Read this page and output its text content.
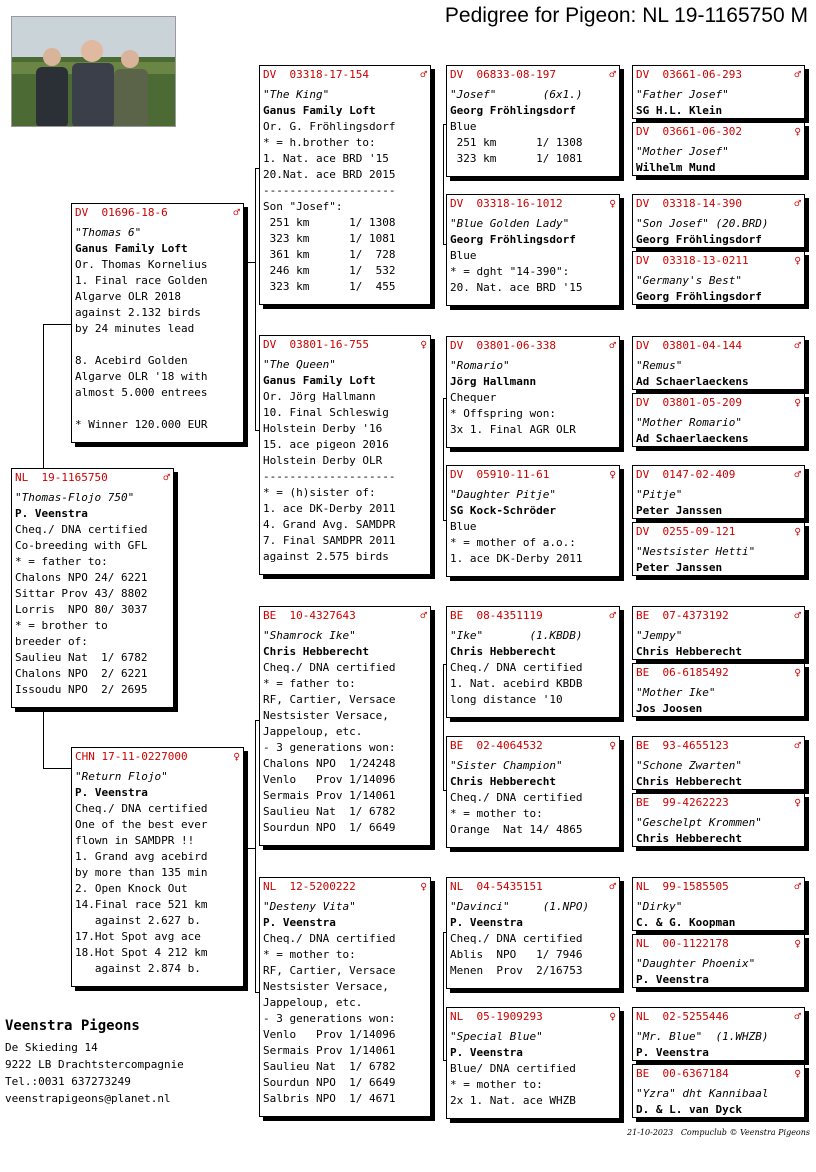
Pedigree for Pigeon: NL 19-1165750 M
NL  19-1165750	♂
"Thomas-Flojo 750"
P. Veenstra
Cheq./ DNA certified
Co-breeding with GFL
* = father to:
Chalons NPO 24/ 6221
Sittar Prov 43/ 8802
Lorris  NPO 80/ 3037
* = brother to
breeder of:
Saulieu Nat  1/ 6782
Chalons NPO  2/ 6221
Issoudu NPO  2/ 2695
DV  01696-18-6	♂
"Thomas 6"
Ganus Family Loft
Or. Thomas Kornelius
1. Final race Golden
Algarve OLR 2018
against 2.132 birds
by 24 minutes lead
8. Acebird Golden
Algarve OLR '18 with
almost 5.000 entrees
* Winner 120.000 EUR
CHN 17-11-0227000	♀
"Return Flojo"
P. Veenstra
Cheq./ DNA certified
One of the best ever
flown in SAMDPR !!
1. Grand avg acebird
by more than 135 min
2. Open Knock Out
14.Final race 521 km
against 2.627 b.
17.Hot Spot avg ace
18.Hot Spot 4 212 km
against 2.874 b.
DV  03318-17-154	♂
"The King"
Ganus Family Loft
Or. G. Fröhlingsdorf
* = h.brother to:
1. Nat. ace BRD '15
20.Nat. ace BRD 2015
--------------------
Son "Josef":
251 km      1/ 1308
323 km      1/ 1081
361 km      1/  728
246 km      1/  532
323 km      1/  455
DV  03801-16-755	♀
"The Queen"
Ganus Family Loft
Or. Jörg Hallmann
10. Final Schleswig
Holstein Derby '16
15. ace pigeon 2016
Holstein Derby OLR
--------------------
* = (h)sister of:
1. ace DK-Derby 2011
4. Grand Avg. SAMDPR
7. Final SAMDPR 2011
against 2.575 birds
BE  10-4327643	♂
"Shamrock Ike"
Chris Hebberecht
Cheq./ DNA certified
* = father to:
RF, Cartier, Versace
Nestsister Versace,
Jappeloup, etc.
- 3 generations won:
Chalons NPO  1/24248
Venlo   Prov 1/14096
Sermais Prov 1/14061
Saulieu Nat  1/ 6782
Sourdun NPO  1/ 6649
NL  12-5200222	♀
"Desteny Vita"
P. Veenstra
Cheq./ DNA certified
* = mother to:
RF, Cartier, Versace
Nestsister Versace,
Jappeloup, etc.
- 3 generations won:
Venlo   Prov 1/14096
Sermais Prov 1/14061
Saulieu Nat  1/ 6782
Sourdun NPO  1/ 6649
Salbris NPO  1/ 4671
DV  06833-08-197	♂
"Josef"       (6x1.)
Georg Fröhlingsdorf
Blue
251 km      1/ 1308
323 km      1/ 1081
DV  03318-16-1012	♀
"Blue Golden Lady"
Georg Fröhlingsdorf
Blue
* = dght "14-390":
20. Nat. ace BRD '15
DV  03801-06-338	♂
"Romario"
Jörg Hallmann
Chequer
* Offspring won:
3x 1. Final AGR OLR
DV  05910-11-61	♀
"Daughter Pitje"
SG Kock-Schröder
Blue
* = mother of a.o.:
1. ace DK-Derby 2011
BE  08-4351119	♂
"Ike"       (1.KBDB)
Chris Hebberecht
Cheq./ DNA certified
1. Nat. acebird KBDB
long distance '10
BE  02-4064532	♀
"Sister Champion"
Chris Hebberecht
Cheq./ DNA certified
* = mother to:
Orange  Nat 14/ 4865
NL  04-5435151	♂
"Davinci"     (1.NPO)
P. Veenstra
Cheq./ DNA certified
Ablis  NPO   1/ 7946
Menen  Prov  2/16753
NL  05-1909293	♀
"Special Blue"
P. Veenstra
Blue/ DNA certified
* = mother to:
2x 1. Nat. ace WHZB
DV  03661-06-293	♂
"Father Josef"
SG H.L. Klein
DV  03661-06-302	♀
"Mother Josef"
Wilhelm Mund
DV  03318-14-390	♂
"Son Josef" (20.BRD)
Georg Fröhlingsdorf
DV  03318-13-0211	♀
"Germany's Best"
Georg Fröhlingsdorf
DV  03801-04-144	♂
"Remus"
Ad Schaerlaeckens
DV  03801-05-209	♀
"Mother Romario"
Ad Schaerlaeckens
DV  0147-02-409	♂
"Pitje"
Peter Janssen
DV  0255-09-121	♀
"Nestsister Hetti"
Peter Janssen
BE  07-4373192	♂
"Jempy"
Chris Hebberecht
BE  06-6185492	♀
"Mother Ike"
Jos Joosen
BE  93-4655123	♂
"Schone Zwarten"
Chris Hebberecht
BE  99-4262223	♀
"Geschelpt Krommen"
Chris Hebberecht
NL  99-1585505	♂
"Dirky"
C. & G. Koopman
NL  00-1122178	♀
"Daughter Phoenix"
P. Veenstra
NL  02-5255446	♂
"Mr. Blue"  (1.WHZB)
P. Veenstra
BE  00-6367184	♀
"Yzra" dht Kannibaal
D. & L. van Dyck
Veenstra Pigeons
De Skieding 14
9222 LB Drachtstercompagnie
Tel.:0031 637273249
veenstrapigeons@planet.nl
21-10-2023 Compuclub © Veenstra Pigeons
